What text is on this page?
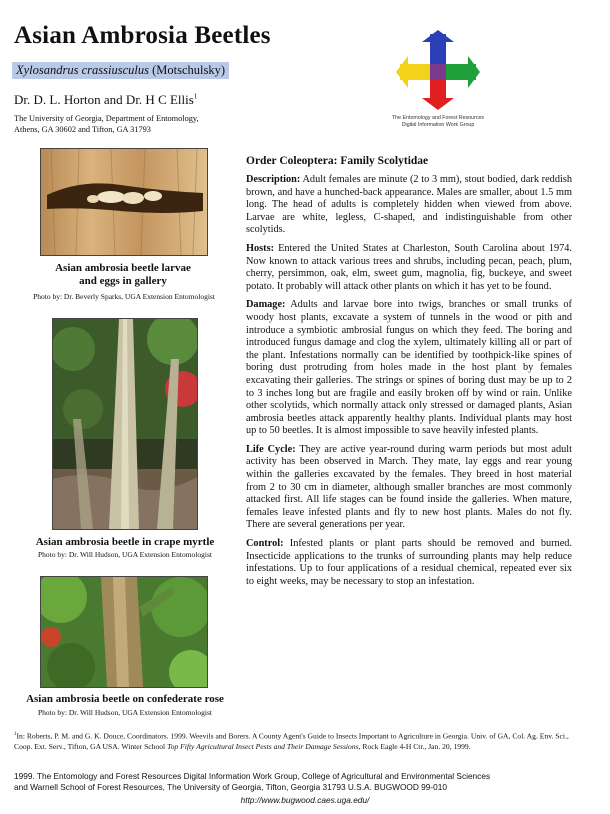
Asian Ambrosia Beetles
Xylosandrus crassiusculus (Motschulsky)
Dr. D. L. Horton and Dr. H C Ellis$^1$
The University of Georgia, Department of Entomology,
Athens, GA 30602 and Tifton, GA 31793
The Entomology and Forest Resources
Digital Information Work Group
Asian ambrosia beetle larvae
and eggs in gallery
Photo by: Dr. Beverly Sparks, UGA Extension Entomologist
Asian ambrosia beetle in crape myrtle
Photo by: Dr. Will Hudson, UGA Extension Entomologist
Asian ambrosia beetle on confederate rose
Photo by: Dr. Will Hudson, UGA Extension Entomologist
Order Coleoptera: Family Scolytidae

Description: Adult females are minute (2 to 3 mm), stout bodied, dark reddish brown, and have a hunched-back appearance. Males are smaller, about 1.5 mm long. The head of adults is completely hidden when viewed from above. Larvae are white, legless, C-shaped, and indistinguishable from other scolytids.

Hosts: Entered the United States at Charleston, South Carolina about 1974. Now known to attack various trees and shrubs, including pecan, peach, plum, cherry, persimmon, oak, elm, sweet gum, magnolia, fig, buckeye, and sweet potato. It probably will attack other plants on which it has yet to be found.

Damage: Adults and larvae bore into twigs, branches or small trunks of woody host plants, excavate a system of tunnels in the wood or pith and introduce a symbiotic ambrosial fungus on which they feed. The boring and introduced fungus damage and clog the xylem, ultimately killing all or part of the plant. Infestations normally can be identified by toothpick-like spines of boring dust protruding from holes made in the host plant by females excavating their galleries. The strings or spines of boring dust may be up to 2 to 3 inches long but are fragile and easily broken off by wind or rain. Unlike other scolytids, which normally attack only stressed or damaged plants, Asian ambrosia beetles attack apparently healthy plants. Individual plants may host up to 50 beetles. It is almost impossible to save heavily infested plants.

Life Cycle: They are active year-round during warm periods but most adult activity has been observed in March. They mate, lay eggs and rear young within the galleries excavated by the females. They breed in host material from 2 to 30 cm in diameter, although smaller branches are most commonly attacked first. All life stages can be found inside the galleries. When mature, females leave infested plants and fly to new host plants. Males do not fly. There are several generations per year.

Control: Infested plants or plant parts should be removed and burned. Insecticide applications to the trunks of surrounding plants may help reduce infestations. Up to four applications of a residual chemical, repeated ever six to eight weeks, may be necessary to stop an infestation.

$^1$In: Roberts, P. M. and G. K. Douce, Coordinators. 1999. Weevils and Borers. A County Agent's Guide to Insects Important to Agriculture in Georgia. Univ. of GA, Col. Ag. Env. Sci., Coop. Ext. Serv., Tifton, GA USA. Winter School Top Fifty Agricultural Insect Pests and Their Damage Sessions, Rock Eagle 4-H Ctr., Jan. 20, 1999.
1999. The Entomology and Forest Resources Digital Information Work Group, College of Agricultural and Environmental Sciences
and Warnell School of Forest Resources, The University of Georgia, Tifton, Georgia 31793 U.S.A. BUGWOOD 99-010
http://www.bugwood.caes.uga.edu/
